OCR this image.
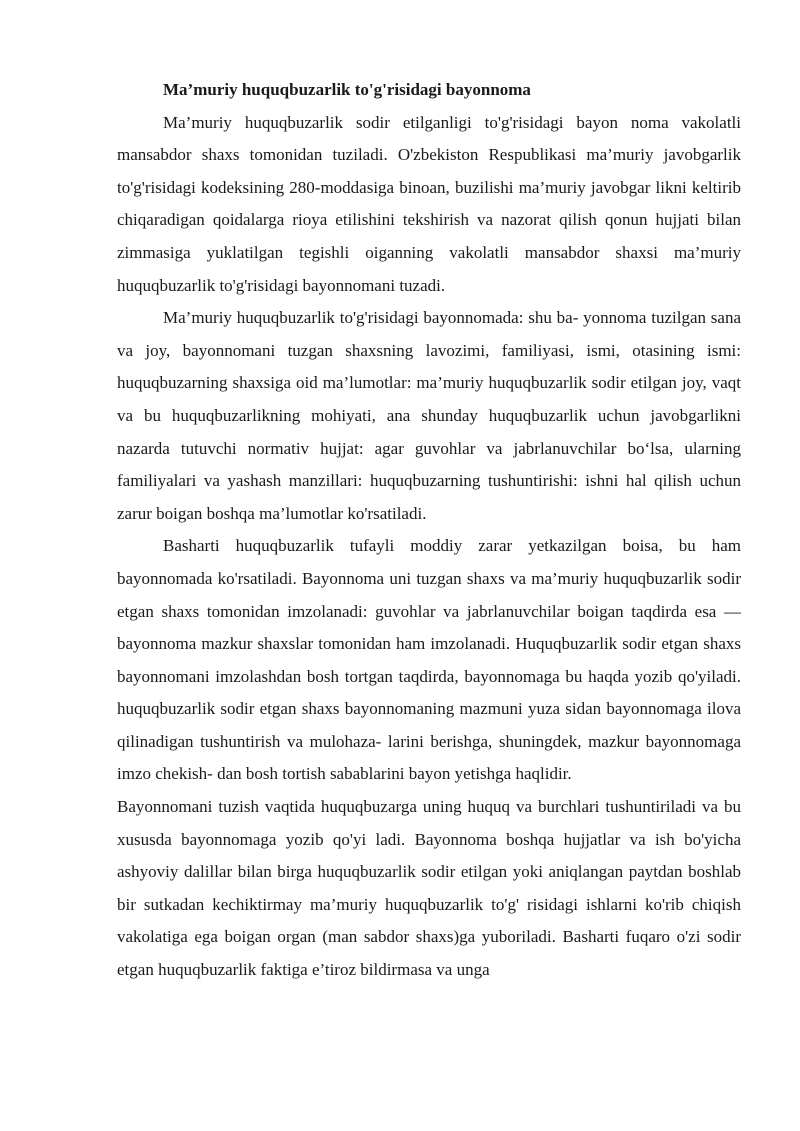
Ma’muriy huquqbuzarlik to'g'risidagi bayonnoma

Ma’muriy huquqbuzarlik sodir etilganligi to'g'risidagi bayon noma vakolatli mansabdor shaxs tomonidan tuziladi. O'zbekiston Respublikasi ma’muriy javobgarlik to'g'risidagi kodeksining 280-moddasiga binoan, buzilishi ma’muriy javobgar likni keltirib chiqaradigan qoidalarga rioya etilishini tekshirish va nazorat qilish qonun hujjati bilan zimmasiga yuklatilgan tegishli oiganning vakolatli mansabdor shaxsi ma’muriy huquqbuzarlik to'g'risidagi bayonnomani tuzadi.

Ma’muriy huquqbuzarlik to'g'risidagi bayonnomada: shu ba- yonnoma tuzilgan sana va joy, bayonnomani tuzgan shaxsning lavozimi, familiyasi, ismi, otasining ismi: huquqbuzarning shaxsiga oid ma’lumotlar: ma’muriy huquqbuzarlik sodir etilgan joy, vaqt va bu huquqbuzarlikning mohiyati, ana shunday huquqbuzarlik uchun javobgarlikni nazarda tutuvchi normativ hujjat: agar guvohlar va jabrlanuvchilar bo‘lsa, ularning familiyalari va yashash manzillari: huquqbuzarning tushuntirishi: ishni hal qilish uchun zarur boigan boshqa ma’lumotlar ko'rsatiladi.

Basharti huquqbuzarlik tufayli moddiy zarar yetkazilgan boisa, bu ham bayonnomada ko'rsatiladi. Bayonnoma uni tuzgan shaxs va ma’muriy huquqbuzarlik sodir etgan shaxs tomonidan imzolanadi: guvohlar va jabrlanuvchilar boigan taqdirda esa — bayonnoma mazkur shaxslar tomonidan ham imzolanadi. Huquqbuzarlik sodir etgan shaxs bayonnomani imzolashdan bosh tortgan taqdirda, bayonnomaga bu haqda yozib qo'yiladi. huquqbuzarlik sodir etgan shaxs bayonnomaning mazmuni yuza sidan bayonnomaga ilova qilinadigan tushuntirish va mulohaza- larini berishga, shuningdek, mazkur bayonnomaga imzo chekish- dan bosh tortish sabablarini bayon yetishga haqlidir.

Bayonnomani tuzish vaqtida huquqbuzarga uning huquq va burchlari tushuntiriladi va bu xususda bayonnomaga yozib qo'yi ladi. Bayonnoma boshqa hujjatlar va ish bo'yicha ashyoviy dalillar bilan birga huquqbuzarlik sodir etilgan yoki aniqlangan paytdan boshlab bir sutkadan kechiktirmay ma’muriy huquqbuzarlik to'g' risidagi ishlarni ko'rib chiqish vakolatiga ega boigan organ (man sabdor shaxs)ga yuboriladi. Basharti fuqaro o'zi sodir etgan huquqbuzarlik faktiga e’tiroz bildirmasa va unga
